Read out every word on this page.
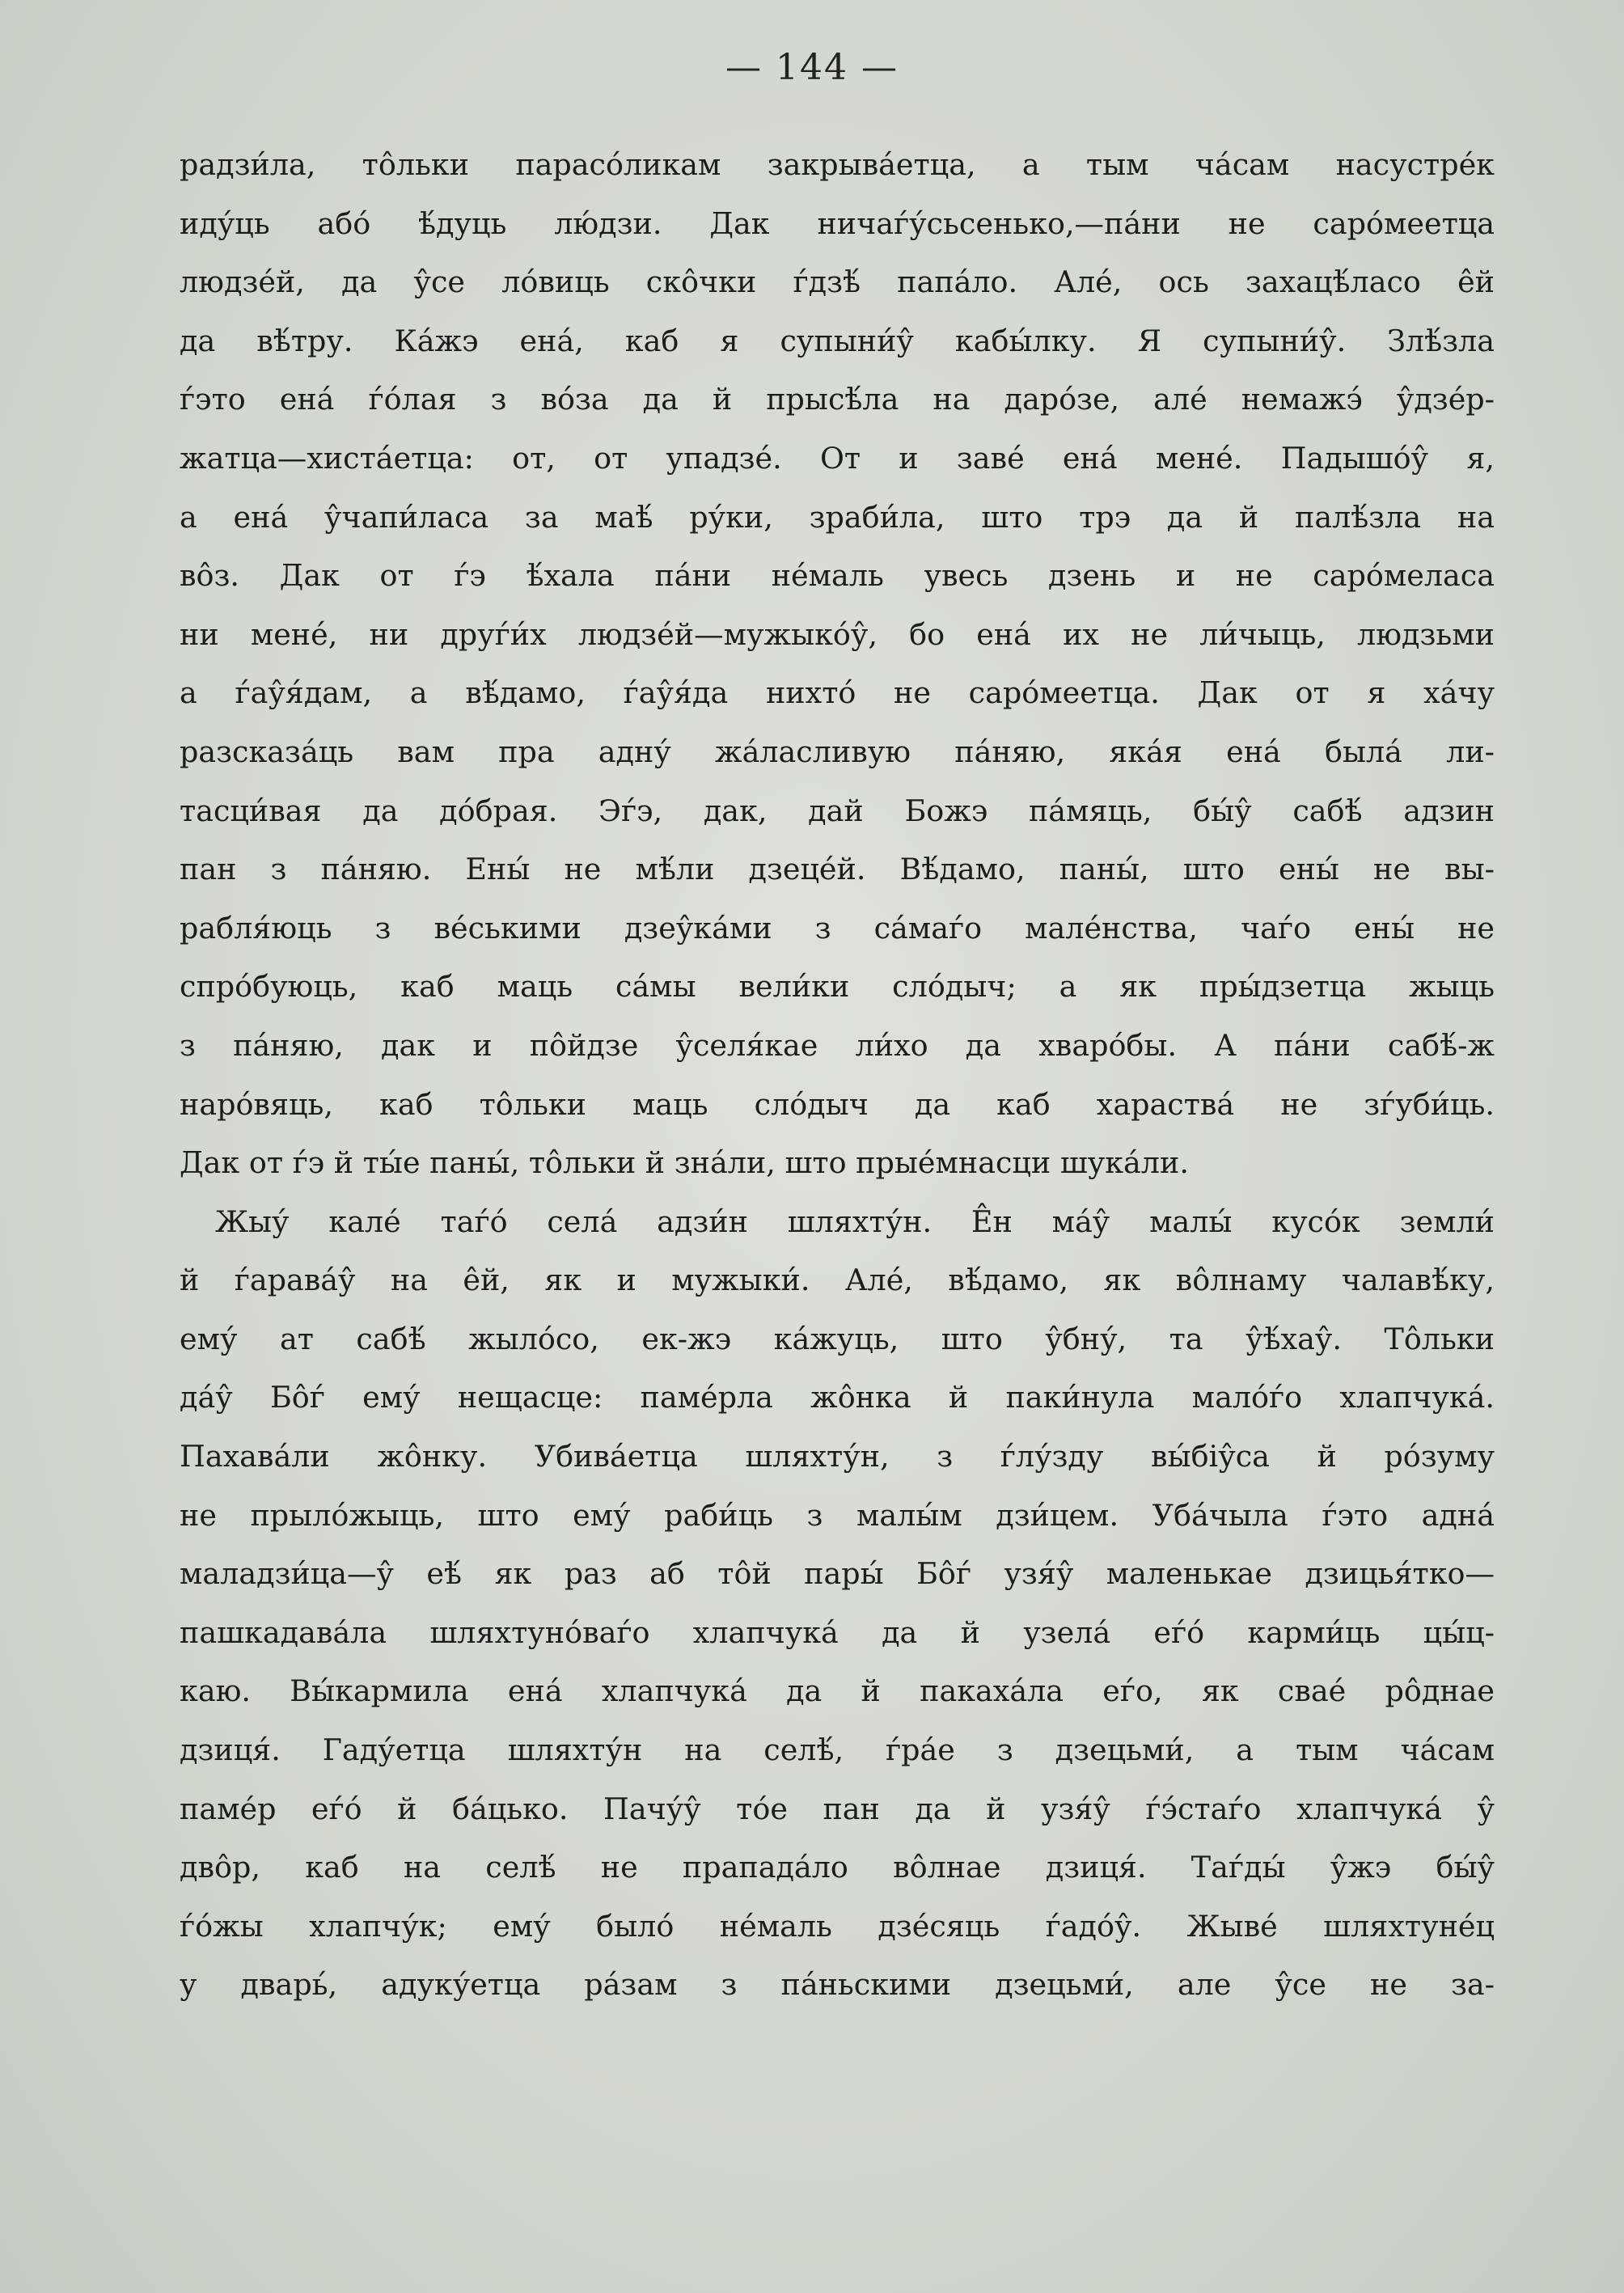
— 144 —
радзи́ла, то̂льки парасо́ликам закрыва́етца, а тым ча́сам насустре́к
иду́ць або́ ѣ́дуць лю́дзи. Дак ничаѓу́сьсенько,—па́ни не саро́меетца
людзе́й, да у̂се ло́виць ско̂чки ѓдзѣ́ папа́ло. Але́, ось захацѣ́ласо е̂й
да вѣ́тру. Ка́жэ ена́, каб я супыни́у̂ кабы́лку. Я супыни́у̂. Злѣ́зла
ѓэто ена́ ѓо́лая з во́за да й прысѣ́ла на даро́зе, але́ немажэ́ у̂дзе́р-
жатца—хиста́етца: от, от упадзе́. От и заве́ ена́ мене́. Падышо́у̂ я,
а ена́ у̂чапи́ласа за маѣ́ ру́ки, зраби́ла, што трэ да й палѣ́зла на
во̂з. Дак от ѓэ ѣ́хала па́ни не́маль увесь дзень и не саро́меласа
ни мене́, ни друѓи́х людзе́й—мужыко́у̂, бо ена́ их не ли́чыць, людзьми
а ѓау̂я́дам, а вѣ́дамо, ѓау̂я́да нихто́ не саро́меетца. Дак от я ха́чу
разсказа́ць вам пра адну́ жа́ласливую па́няю, яка́я ена́ была́ ли-
тасци́вая да до́брая. Эѓэ, дак, дай Божэ па́мяць, бы́у̂ сабѣ́ адзин
пан з па́няю. Ены́ не мѣ́ли дзеце́й. Вѣ́дамо, паны́, што ены́ не вы-
рабля́юць з ве́ськими дзеу̂ка́ми з са́маѓо мале́нства, чаѓо ены́ не
спро́буюць, каб маць са́мы вели́ки сло́дыч; а як пры́дзетца жыць
з па́няю, дак и по̂йдзе у̂селя́кае ли́хо да хваро́бы. А па́ни сабѣ́-ж
наро́вяць, каб то̂льки маць сло́дыч да каб хараства́ не зѓуби́ць.
Дак от ѓэ й ты́е паны́, то̂льки й зна́ли, што прые́мнасци шука́ли.
Жыу́ кале́ таѓо́ села́ адзи́н шляхту́н. Е̂н ма́у̂ малы́ кусо́к земли́
й ѓарава́у̂ на е̂й, як и мужыки́. Але́, вѣ́дамо, як во̂лнаму чалавѣ́ку,
ему́ ат сабѣ́ жыло́со, ек-жэ ка́жуць, што у̂бну́, та у̂ѣ́хау̂. То̂льки
да́у̂ Бо̂ѓ ему́ нещасце: паме́рла жо̂нка й паки́нула мало́ѓо хлапчука́.
Пахава́ли жо̂нку. Убива́етца шляхту́н, з ѓлу́зду вы́бiу̂са й ро́зуму
не прыло́жыць, што ему́ раби́ць з малы́м дзи́цем. Уба́чыла ѓэто адна́
маладзи́ца—у̂ еѣ́ як раз аб то̂й пары́ Бо̂ѓ узя́у̂ маленькае дзицья́тко—
пашкадава́ла шляхтуно́ваѓо хлапчука́ да й узела́ еѓо́ карми́ць цы́ц-
каю. Вы́кармила ена́ хлапчука́ да й пакаха́ла еѓо, як свае́ ро̂днае
дзиця́. Гаду́етца шляхту́н на селѣ́, ѓра́е з дзецьми́, а тым ча́сам
паме́р еѓо́ й ба́цько. Пачу́у̂ то́е пан да й узя́у̂ ѓэ́стаѓо хлапчука́ у̂
дво̂р, каб на селѣ́ не прапада́ло во̂лнае дзиця́. Таѓды́ у̂жэ бы́у̂
ѓо́жы хлапчу́к; ему́ было́ не́маль дзе́сяць ѓадо́у̂. Жыве́ шляхтуне́ц
у дварь́, адуку́етца ра́зам з па́ньскими дзецьми́, але у̂се не за-
